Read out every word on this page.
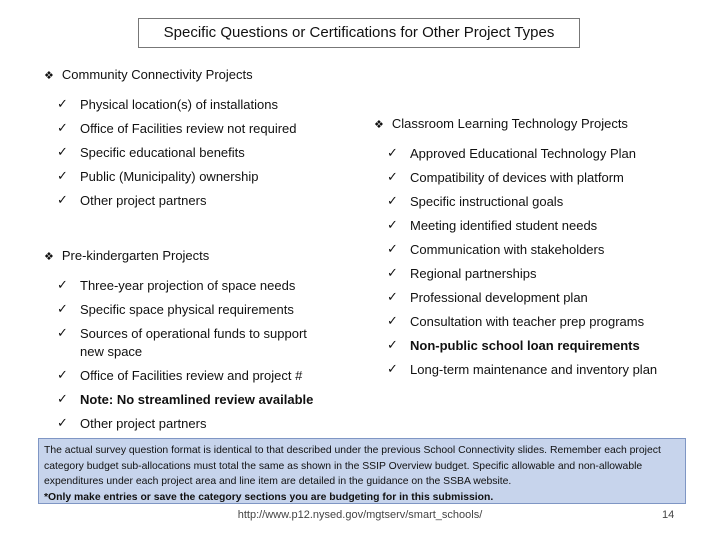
Specific Questions or Certifications for Other Project Types
❖ Community Connectivity Projects
✓ Physical location(s) of installations
✓ Office of Facilities review not required
✓ Specific educational benefits
✓ Public (Municipality) ownership
✓ Other project partners
❖ Pre-kindergarten Projects
✓ Three-year projection of space needs
✓ Specific space physical requirements
✓ Sources of operational funds to support new space
✓ Office of Facilities review and project #
✓ Note: No streamlined review available
✓ Other project partners
❖ Classroom Learning Technology Projects
✓ Approved Educational Technology Plan
✓ Compatibility of devices with platform
✓ Specific instructional goals
✓ Meeting identified student needs
✓ Communication with stakeholders
✓ Regional partnerships
✓ Professional development plan
✓ Consultation with teacher prep programs
✓ Non-public school loan requirements
✓ Long-term maintenance and inventory plan

The actual survey question format is identical to that described under the previous School Connectivity slides. Remember each project category budget sub-allocations must total the same as shown in the SSIP Overview budget. Specific allowable and non-allowable expenditures under each project area and line item are detailed in the guidance on the SSBA website.

*Only make entries or save the category sections you are budgeting for in this submission.

http://www.p12.nysed.gov/mgtserv/smart_schools/	14
